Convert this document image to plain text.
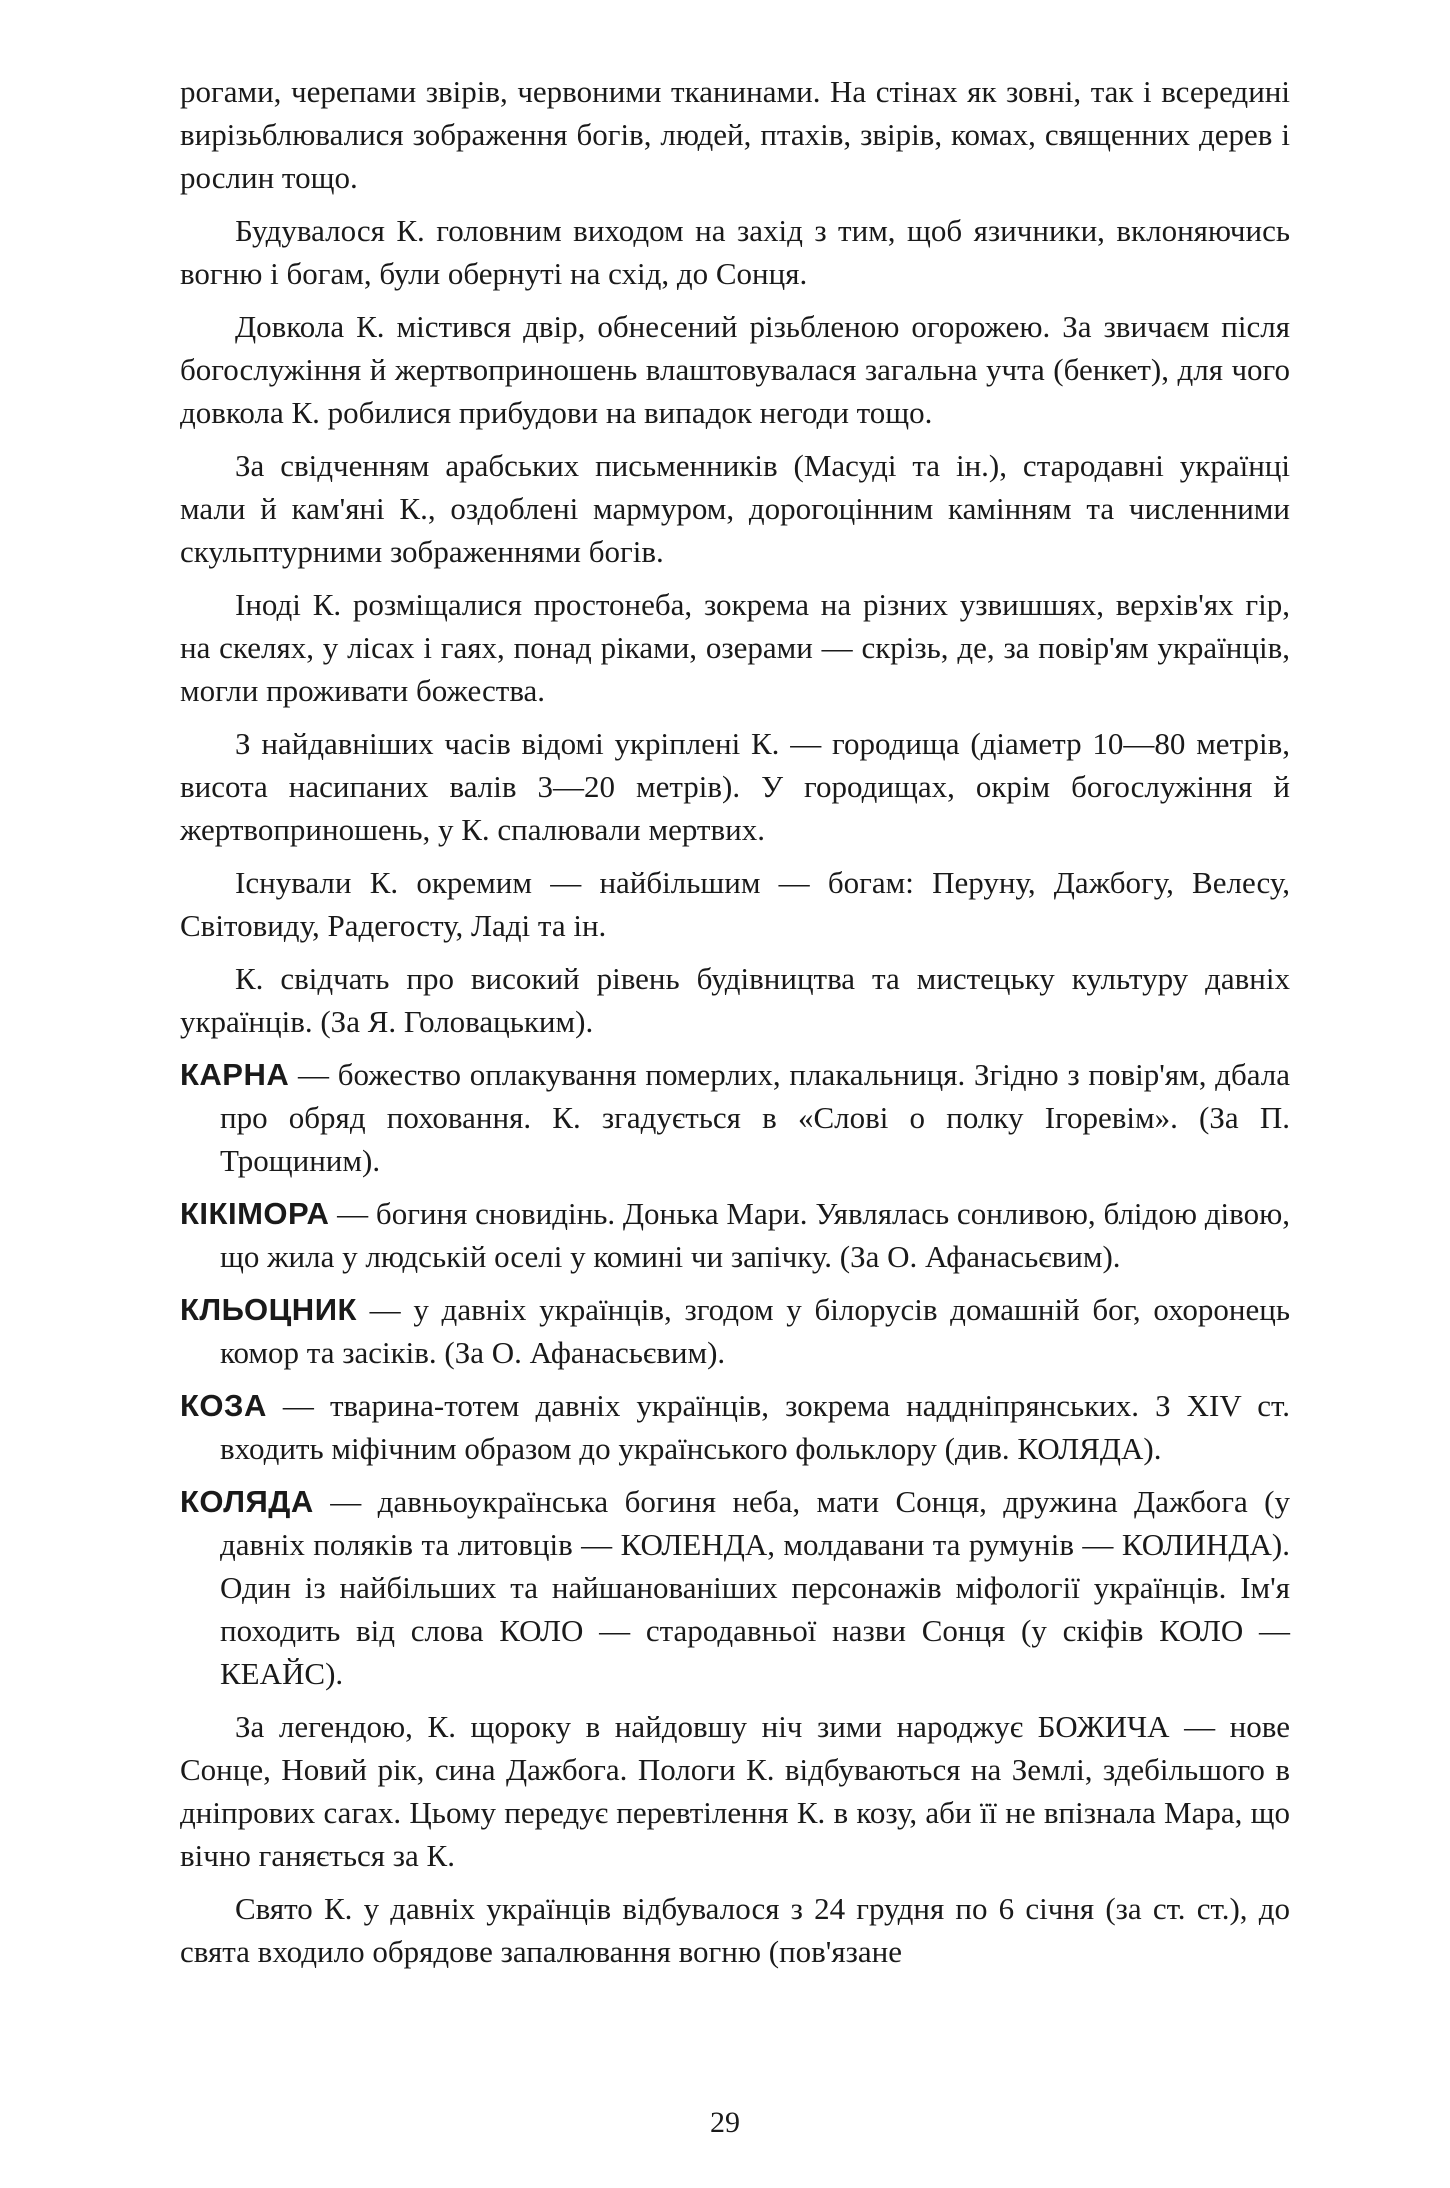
рогами, черепами звірів, червоними тканинами. На стінах як зовні, так і всередині вирізьблювалися зображення богів, людей, птахів, звірів, комах, священних дерев і рослин тощо.

Будувалося К. головним виходом на захід з тим, щоб язичники, вклоняючись вогню і богам, були обернуті на схід, до Сонця.

Довкола К. містився двір, обнесений різьбленою огорожею. За звичаєм після богослужіння й жертвоприношень влаштовувалася загальна учта (бенкет), для чого довкола К. робилися прибудови на випадок негоди тощо.

За свідченням арабських письменників (Масуді та ін.), стародавні українці мали й кам'яні К., оздоблені мармуром, дорогоцінним камінням та численними скульптурними зображеннями богів.

Іноді К. розміщалися простонеба, зокрема на різних узвишшях, верхів'ях гір, на скелях, у лісах і гаях, понад ріками, озерами — скрізь, де, за повір'ям українців, могли проживати божества.

З найдавніших часів відомі укріплені К. — городища (діаметр 10—80 метрів, висота насипаних валів 3—20 метрів). У городищах, окрім богослужіння й жертвоприношень, у К. спалювали мертвих.

Існували К. окремим — найбільшим — богам: Перуну, Дажбогу, Велесу, Світовиду, Радегосту, Ладі та ін.

К. свідчать про високий рівень будівництва та мистецьку культуру давніх українців. (За Я. Головацьким).

КАРНА — божество оплакування померлих, плакальниця. Згідно з повір'ям, дбала про обряд поховання. К. згадується в «Слові о полку Ігоревім». (За П. Трощиним).

КІКІМОРА — богиня сновидінь. Донька Мари. Уявлялась сонливою, блідою дівою, що жила у людській оселі у комині чи запічку. (За О. Афанасьєвим).

КЛЬОЦНИК — у давніх українців, згодом у білорусів домашній бог, охоронець комор та засіків. (За О. Афанасьєвим).

КОЗА — тварина-тотем давніх українців, зокрема наддніпрянських. З XIV ст. входить міфічним образом до українського фольклору (див. КОЛЯДА).

КОЛЯДА — давньоукраїнська богиня неба, мати Сонця, дружина Дажбога (у давніх поляків та литовців — КОЛЕНДА, молдавани та румунів — КОЛИНДА). Один із найбільших та найшанованіших персонажів міфології українців. Ім'я походить від слова КОЛО — стародавньої назви Сонця (у скіфів КОЛО — КЕАЙС).

За легендою, К. щороку в найдовшу ніч зими народжує БОЖИЧА — нове Сонце, Новий рік, сина Дажбога. Пологи К. відбуваються на Землі, здебільшого в дніпрових сагах. Цьому передує перевтілення К. в козу, аби її не впізнала Мара, що вічно ганяється за К.

Свято К. у давніх українців відбувалося з 24 грудня по 6 січня (за ст. ст.), до свята входило обрядове запалювання вогню (пов'язане

29
